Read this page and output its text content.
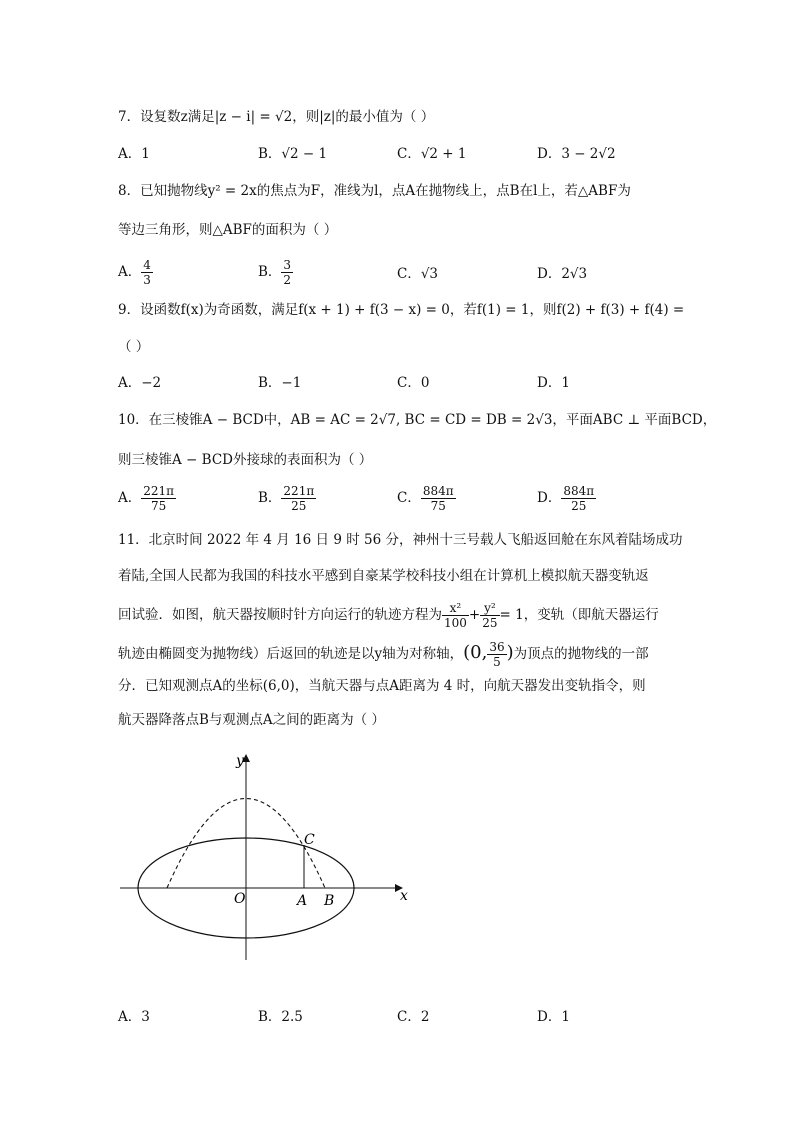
7．设复数z满足|z − i| = √2，则|z|的最小值为（ ）
A．1	B．√2 − 1	C．√2 + 1	D．3 − 2√2
8．已知抛物线y² = 2x的焦点为F，准线为l，点A在抛物线上，点B在l上，若△ABF为
等边三角形，则△ABF的面积为（ ）
A． $\frac{4}{3}$	B． $\frac{3}{2}$	C．√3	D．2√3
9．设函数f(x)为奇函数，满足f(x + 1) + f(3 − x) = 0，若f(1) = 1，则f(2) + f(3) + f(4) =
（ ）
A．−2	B．−1	C．0	D．1
10．在三棱锥A − BCD中，AB = AC = 2√7, BC = CD = DB = 2√3，平面ABC ⊥ 平面BCD，
则三棱锥A − BCD外接球的表面积为（ ）
A． $\frac{221\pi}{75}$	B． $\frac{221\pi}{25}$	C． $\frac{884\pi}{75}$	D． $\frac{884\pi}{25}$
11．北京时间 2022 年 4 月 16 日 9 时 56 分，神州十三号载人飞船返回舱在东风着陆场成功
着陆,全国人民都为我国的科技水平感到自豪某学校科技小组在计算机上模拟航天器变轨返
回试验．如图，航天器按顺时针方向运行的轨迹方程为 $\frac{\text{x²}}{100} + \frac{\text{y²}}{25} = 1$，变轨（即航天器运行
轨迹由椭圆变为抛物线）后返回的轨迹是以y轴为对称轴，(0, $\frac{36}{5}$ )为顶点的抛物线的一部
分．已知观测点A的坐标(6,0)，当航天器与点A距离为 4 时，向航天器发出变轨指令，则
航天器降落点B与观测点A之间的距离为（ ）
y
x
O	A B
C
A．3	B．2.5	C．2	D．1
